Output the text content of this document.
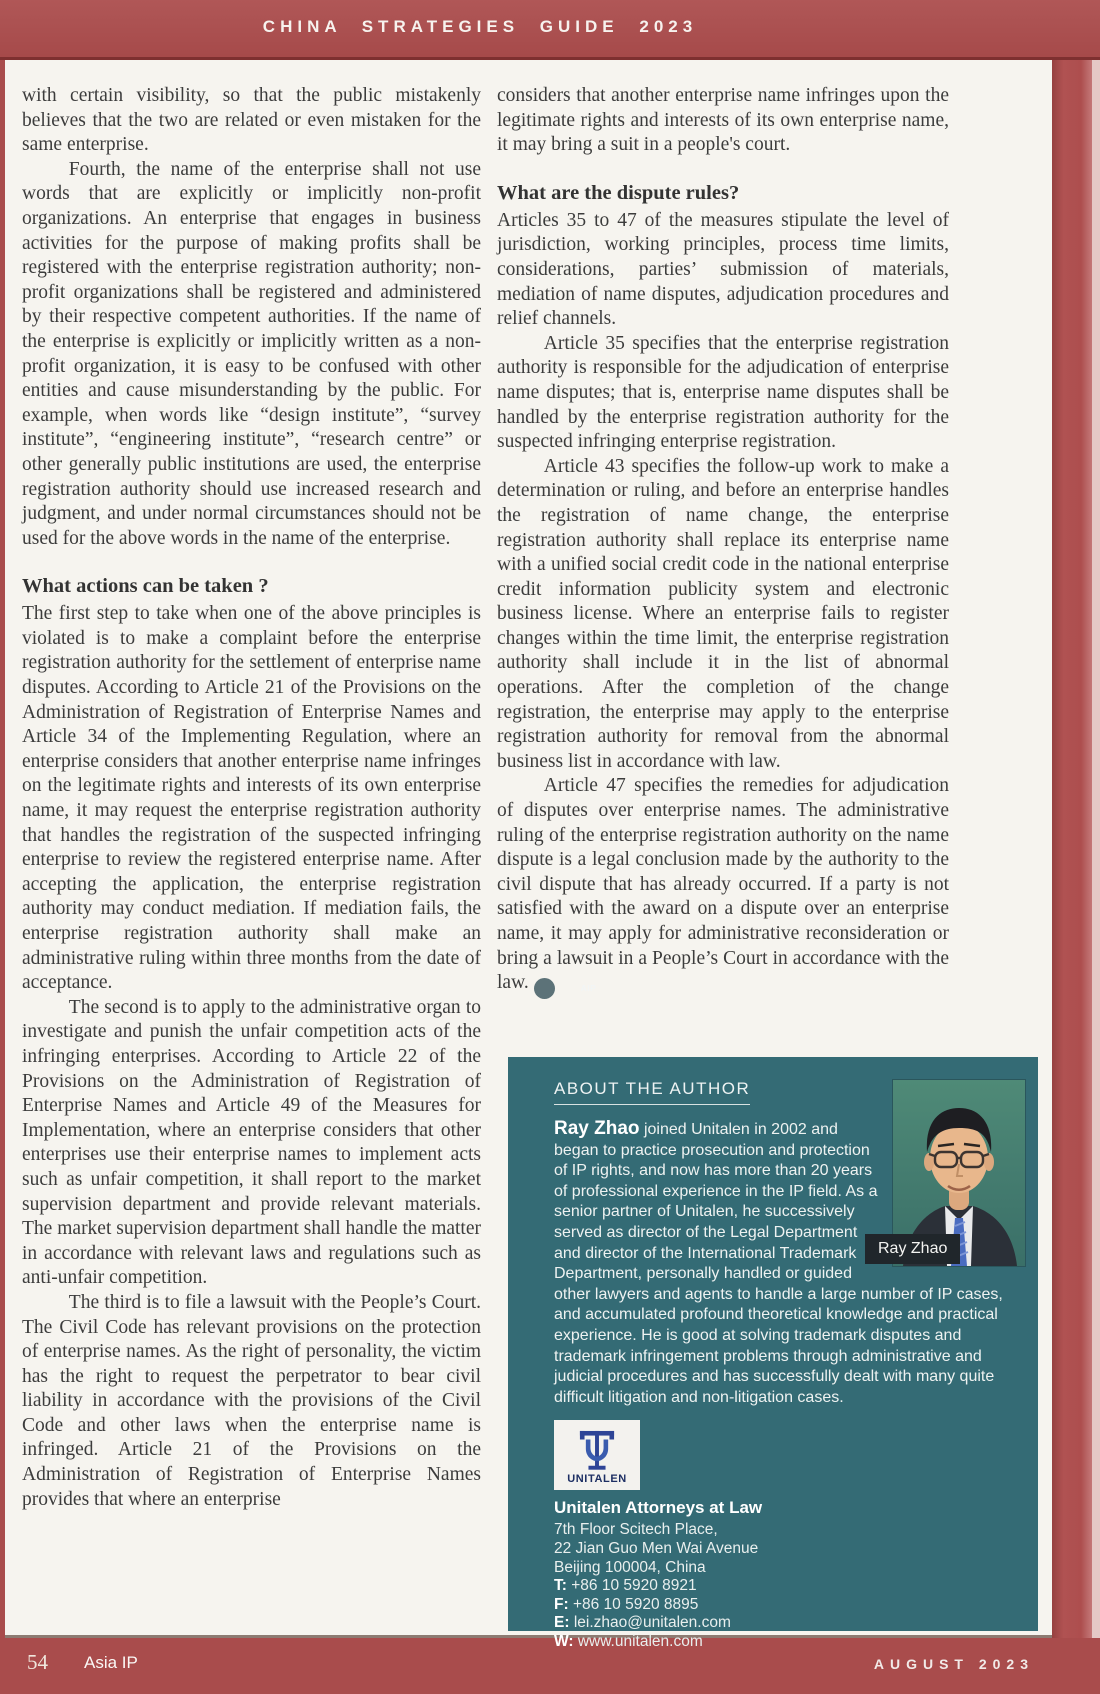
CHINA STRATEGIES GUIDE 2023

with certain visibility, so that the public mistakenly believes that the two are related or even mistaken for the same enterprise.

Fourth, the name of the enterprise shall not use words that are explicitly or implicitly non-profit organizations. An enterprise that engages in business activities for the purpose of making profits shall be registered with the enterprise registration authority; non-profit organizations shall be registered and administered by their respective competent authorities. If the name of the enterprise is explicitly or implicitly written as a non-profit organization, it is easy to be confused with other entities and cause misunderstanding by the public. For example, when words like “design institute”, “survey institute”, “engineering institute”, “research centre” or other generally public institutions are used, the enterprise registration authority should use increased research and judgment, and under normal circumstances should not be used for the above words in the name of the enterprise.

What actions can be taken ?

The first step to take when one of the above principles is violated is to make a complaint before the enterprise registration authority for the settlement of enterprise name disputes. According to Article 21 of the Provisions on the Administration of Registration of Enterprise Names and Article 34 of the Implementing Regulation, where an enterprise considers that another enterprise name infringes on the legitimate rights and interests of its own enterprise name, it may request the enterprise registration authority that handles the registration of the suspected infringing enterprise to review the registered enterprise name. After accepting the application, the enterprise registration authority may conduct mediation. If mediation fails, the enterprise registration authority shall make an administrative ruling within three months from the date of acceptance.

The second is to apply to the administrative organ to investigate and punish the unfair competition acts of the infringing enterprises. According to Article 22 of the Provisions on the Administration of Registration of Enterprise Names and Article 49 of the Measures for Implementation, where an enterprise considers that other enterprises use their enterprise names to implement acts such as unfair competition, it shall report to the market supervision department and provide relevant materials. The market supervision department shall handle the matter in accordance with relevant laws and regulations such as anti-unfair competition.

The third is to file a lawsuit with the People’s Court. The Civil Code has relevant provisions on the protection of enterprise names. As the right of personality, the victim has the right to request the perpetrator to bear civil liability in accordance with the provisions of the Civil Code and other laws when the enterprise name is infringed. Article 21 of the Provisions on the Administration of Registration of Enterprise Names provides that where an enterprise

considers that another enterprise name infringes upon the legitimate rights and interests of its own enterprise name, it may bring a suit in a people's court.

What are the dispute rules?

Articles 35 to 47 of the measures stipulate the level of jurisdiction, working principles, process time limits, considerations, parties’ submission of materials, mediation of name disputes, adjudication procedures and relief channels.

Article 35 specifies that the enterprise registration authority is responsible for the adjudication of enterprise name disputes; that is, enterprise name disputes shall be handled by the enterprise registration authority for the suspected infringing enterprise registration.

Article 43 specifies the follow-up work to make a determination or ruling, and before an enterprise handles the registration of name change, the enterprise registration authority shall replace its enterprise name with a unified social credit code in the national enterprise credit information publicity system and electronic business license. Where an enterprise fails to register changes within the time limit, the enterprise registration authority shall include it in the list of abnormal operations. After the completion of the change registration, the enterprise may apply to the enterprise registration authority for removal from the abnormal business list in accordance with law.

Article 47 specifies the remedies for adjudication of disputes over enterprise names. The administrative ruling of the enterprise registration authority on the name dispute is a legal conclusion made by the authority to the civil dispute that has already occurred. If a party is not satisfied with the award on a dispute over an enterprise name, it may apply for administrative reconsideration or bring a lawsuit in a People’s Court in accordance with the law.	AIP

Ray Zhao
ABOUT THE AUTHOR

Ray Zhao joined Unitalen in 2002 and began to practice prosecution and protection of IP rights, and now has more than 20 years of professional experience in the IP field. As a senior partner of Unitalen, he successively served as director of the Legal Department and director of the International Trademark Department, personally handled or guided other lawyers and agents to handle a large number of IP cases, and accumulated profound theoretical knowledge and practical experience. He is good at solving trademark disputes and trademark infringement problems through administrative and judicial procedures and has successfully dealt with many quite difficult litigation and non-litigation cases.

UNITALEN
Unitalen Attorneys at Law
7th Floor Scitech Place,
22 Jian Guo Men Wai Avenue
Beijing 100004, China
T: +86 10 5920 8921
F: +86 10 5920 8895
E: lei.zhao@unitalen.com
W: www.unitalen.com
54 Asia IP	AUGUST 2023
